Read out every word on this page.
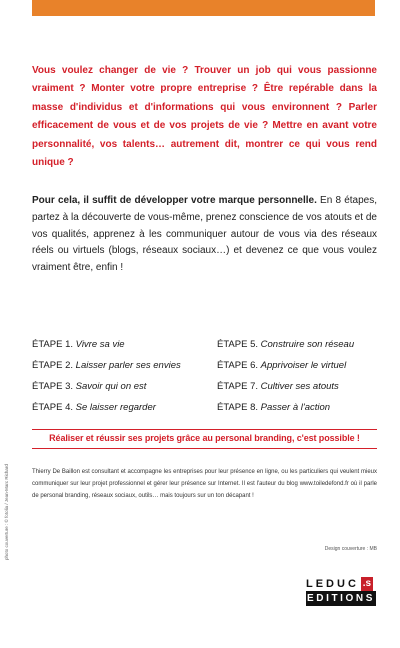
Vous voulez changer de vie ? Trouver un job qui vous passionne vraiment ? Monter votre propre entreprise ? Être repérable dans la masse d'individus et d'informations qui vous environnent ? Parler efficacement de vous et de vos projets de vie ? Mettre en avant votre personnalité, vos talents… autrement dit, montrer ce qui vous rend unique ?

Pour cela, il suffit de développer votre marque personnelle. En 8 étapes, partez à la découverte de vous-même, prenez conscience de vos atouts et de vos qualités, apprenez à les communiquer autour de vous via des réseaux réels ou virtuels (blogs, réseaux sociaux…) et devenez ce que vous voulez vraiment être, enfin !

ÉTAPE 1. Vivre sa vie
ÉTAPE 2. Laisser parler ses envies
ÉTAPE 3. Savoir qui on est
ÉTAPE 4. Se laisser regarder
ÉTAPE 5. Construire son réseau
ÉTAPE 6. Apprivoiser le virtuel
ÉTAPE 7. Cultiver ses atouts
ÉTAPE 8. Passer à l'action
Réaliser et réussir ses projets grâce au personal branding, c'est possible !

Thierry De Baillon est consultant et accompagne les entreprises pour leur présence en ligne, ou les particuliers qui veulent mieux communiquer sur leur projet professionnel et gérer leur présence sur Internet. Il est l'auteur du blog www.toiledefond.fr où il parle de personal branding, réseaux sociaux, outils… mais toujours sur un ton décapant !

Design couverture : MB
photo couverture : © fotolia / Jean-Marc Richard
LEDUC .s
EDITIONS
